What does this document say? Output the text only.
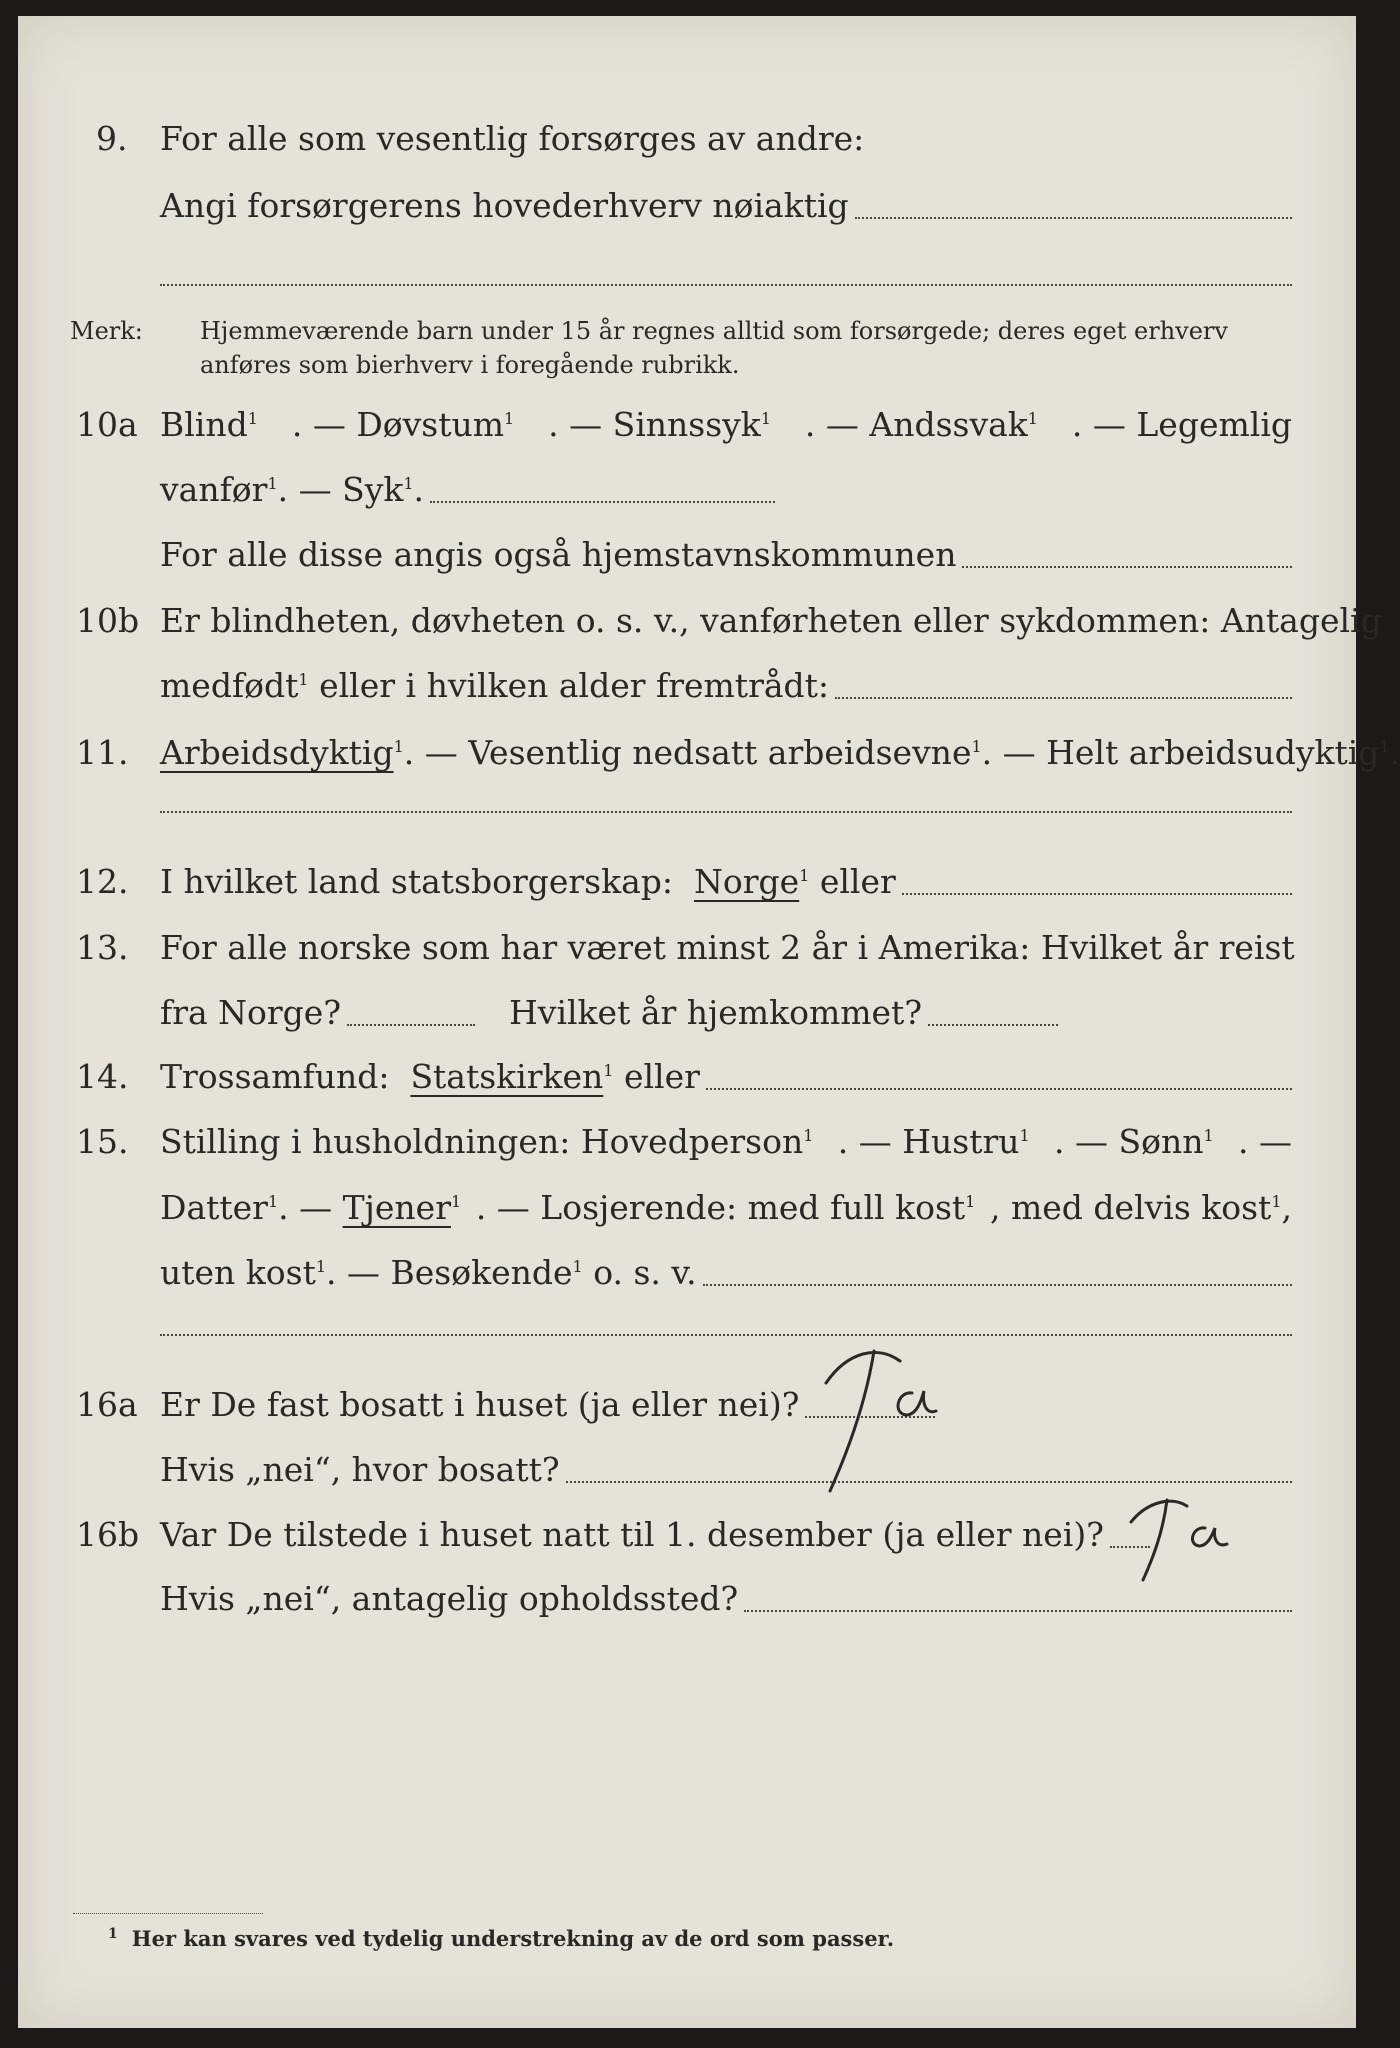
9. For alle som vesentlig forsørges av andre:
Angi forsørgerens hovederhverv nøiaktig
Merk: Hjemmeværende barn under 15 år regnes alltid som forsørgede; deres eget erhverv
anføres som bierhverv i foregående rubrikk.
10a Blind$^1$ . — Døvstum$^1$ . — Sinnssyk$^1$ . — Andssvak$^1$ . — Legemlig
vanfør$^1$ . — Syk$^1$.
For alle disse angis også hjemstavnskommunen
10b Er blindheten, døvheten o. s. v., vanførheten eller sykdommen: Antagelig
medfødt$^1$ eller i hvilken alder fremtrådt:
11. Arbeidsdyktig$^1$. — Vesentlig nedsatt arbeidsevne$^1$. — Helt arbeidsudyktig$^1$.
12. I hvilket land statsborgerskap:
Norge$^1$ eller
13. For alle norske som har været minst 2 år i Amerika: Hvilket år reist
fra Norge?	Hvilket år hjemkommet?
14. Trossamfund:
Statskirken$^1$ eller
15. Stilling i husholdningen: Hovedperson$^1$ . — Hustru$^1$ . — Sønn$^1$ . —
Datter$^1$. — Tjener$^1$ . — Losjerende: med full kost$^1$ , med delvis kost$^1$,
uten kost$^1$ . — Besøkende$^1$ o. s. v.
16a Er De fast bosatt i huset (ja eller nei)?
Hvis „nei“, hvor bosatt?
16b Var De tilstede i huset natt til 1. desember (ja eller nei)?
Hvis „nei“, antagelig opholdssted?
$^1$ Her kan svares ved tydelig understrekning av de ord som passer.
